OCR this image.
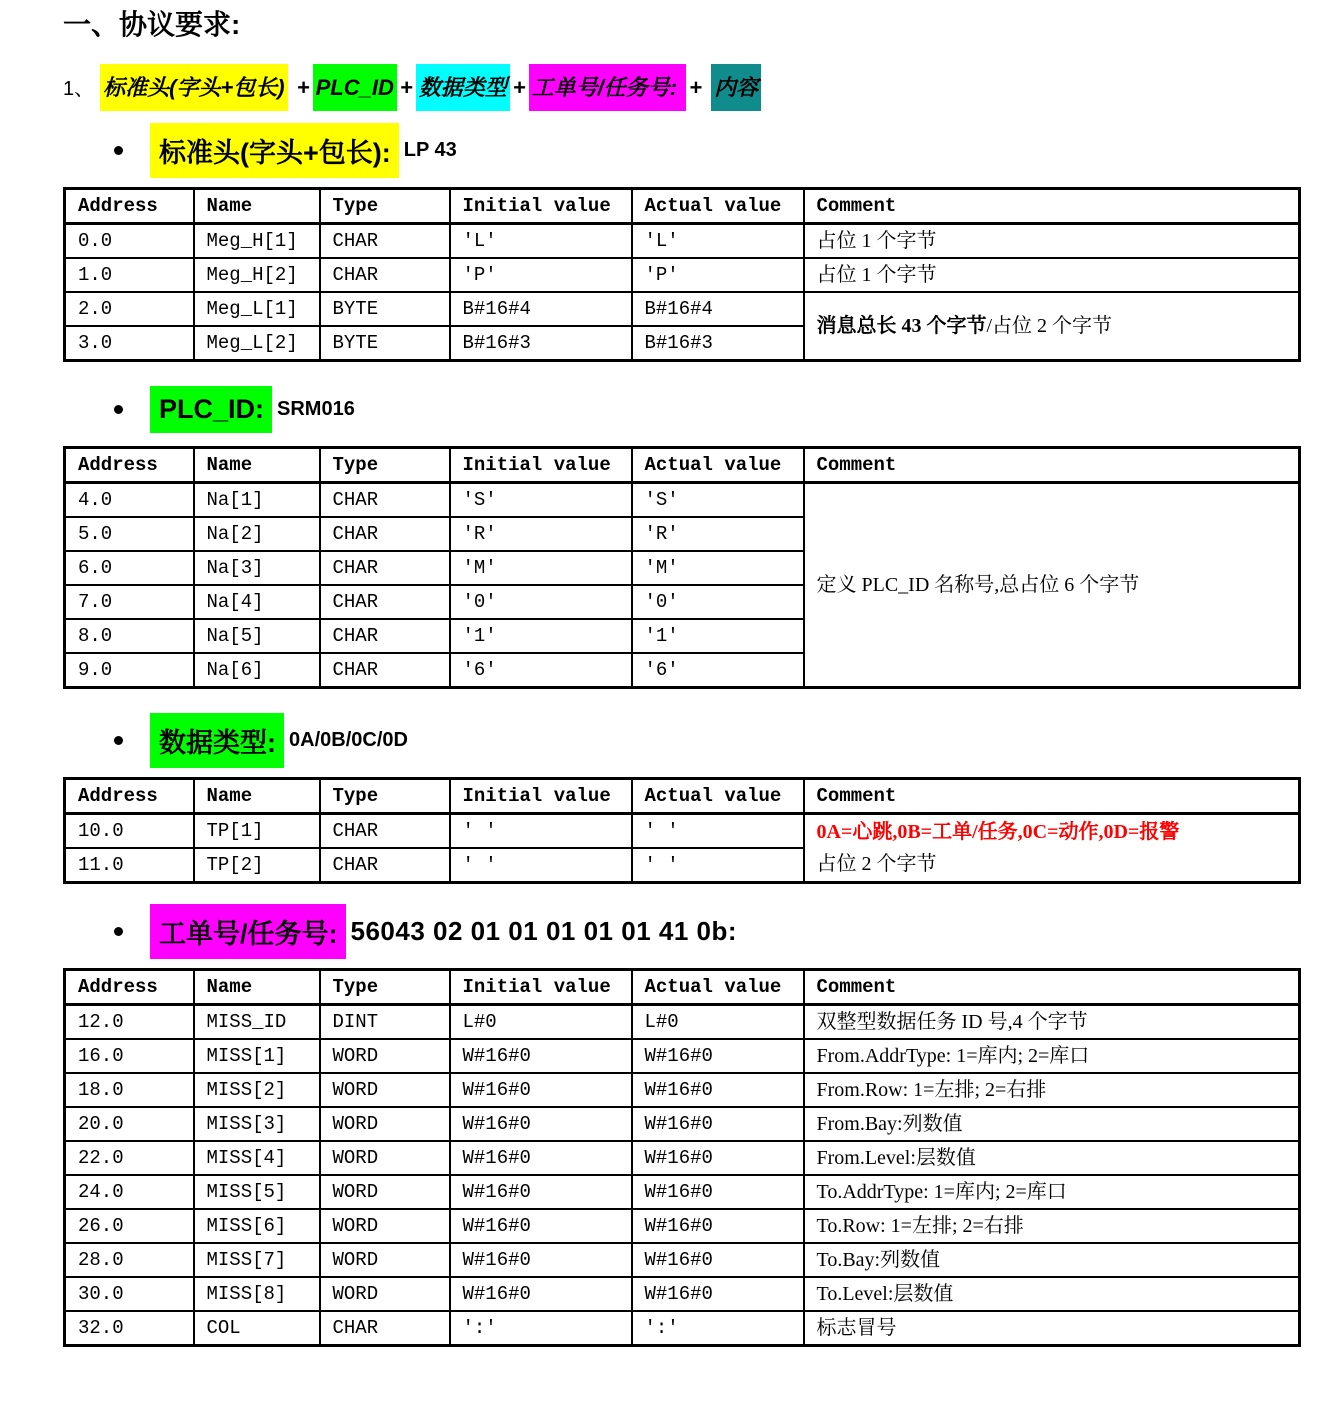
一、协议要求:
1、 标准头(字头+包长) + PLC_ID + 数据类型 + 工单号/任务号: + 内容
标准头(字头+包长): LP 43
Address	Name	Type	Initial value	Actual value	Comment
0.0	Meg_H[1]	CHAR	'L'	'L'	占位 1 个字节

1.0	Meg_H[2]	CHAR	'P'	'P'	占位 1 个字节

2.0	Meg_L[1]	BYTE	B#16#4	B#16#4	消息总长 43 个字节/占位 2 个字节

3.0	Meg_L[2]	BYTE	B#16#3	B#16#3	
PLC_ID: SRM016
Address	Name	Type	Initial value	Actual value	Comment
4.0	Na[1]	CHAR	'S'	'S'	定义 PLC_ID 名称号,总占位 6 个字节

5.0	Na[2]	CHAR	'R'	'R'	
6.0	Na[3]	CHAR	'M'	'M'	
7.0	Na[4]	CHAR	'0'	'0'	
8.0	Na[5]	CHAR	'1'	'1'	
9.0	Na[6]	CHAR	'6'	'6'	
数据类型: 0A/0B/0C/0D
Address	Name	Type	Initial value	Actual value	Comment
10.0	TP[1]	CHAR	' '	' '	0A=心跳,0B=工单/任务,0C=动作,0D=报警
占位 2 个字节

11.0	TP[2]	CHAR	' '	' '	
工单号/任务号: 56043 02 01 01 01 01 01 41 0b:
Address	Name	Type	Initial value	Actual value	Comment
12.0	MISS_ID	DINT	L#0	L#0	双整型数据任务 ID 号,4 个字节

16.0	MISS[1]	WORD	W#16#0	W#16#0	From.AddrType: 1=库内; 2=库口

18.0	MISS[2]	WORD	W#16#0	W#16#0	From.Row: 1=左排; 2=右排

20.0	MISS[3]	WORD	W#16#0	W#16#0	From.Bay:列数值

22.0	MISS[4]	WORD	W#16#0	W#16#0	From.Level:层数值

24.0	MISS[5]	WORD	W#16#0	W#16#0	To.AddrType: 1=库内; 2=库口

26.0	MISS[6]	WORD	W#16#0	W#16#0	To.Row: 1=左排; 2=右排

28.0	MISS[7]	WORD	W#16#0	W#16#0	To.Bay:列数值

30.0	MISS[8]	WORD	W#16#0	W#16#0	To.Level:层数值

32.0	COL	CHAR	':'	':'	标志冒号
